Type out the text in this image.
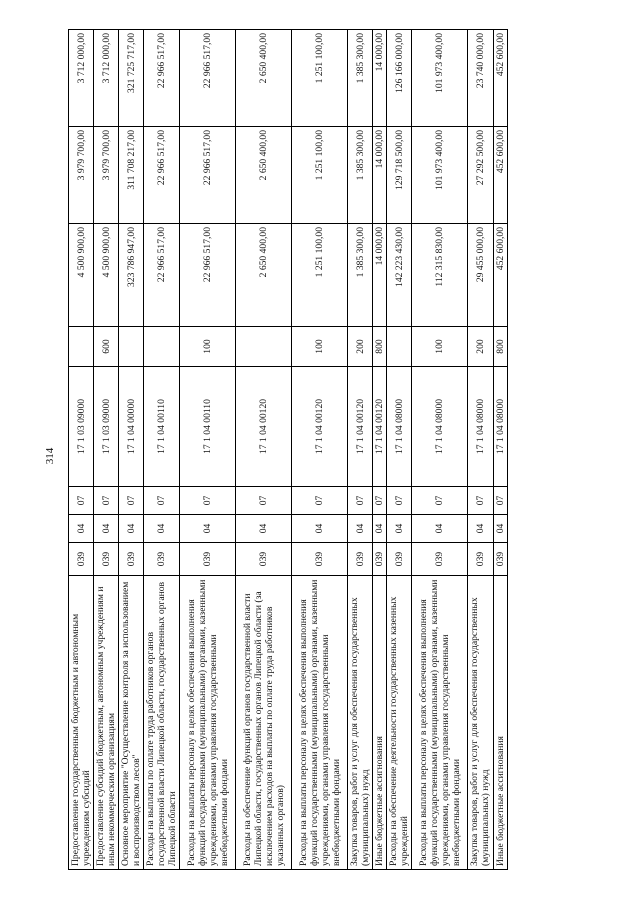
314
Предоставление государственным бюджетным и автономным учреждениям субсидий	039	04	07	17 1 03 09000		4 500 900,00	3 979 700,00	3 712 000,00
Предоставление субсидий бюджетным, автономным учреждениям и иным некоммерческим организациям	039	04	07	17 1 03 09000	600	4 500 900,00	3 979 700,00	3 712 000,00
Основное мероприятие "Осуществление контроля за использованием и воспроизводством лесов"	039	04	07	17 1 04 00000		323 786 947,00	311 708 217,00	321 725 717,00
Расходы на выплаты по оплате труда работников органов государственной власти Липецкой области, государственных органов Липецкой области	039	04	07	17 1 04 00110		22 966 517,00	22 966 517,00	22 966 517,00
Расходы на выплаты персоналу в целях обеспечения выполнения функций государственными (муниципальными) органами, казенными учреждениями, органами управления государственными внебюджетными фондами	039	04	07	17 1 04 00110	100	22 966 517,00	22 966 517,00	22 966 517,00
Расходы на обеспечение функций органов государственной власти Липецкой области, государственных органов Липецкой области (за исключением расходов на выплаты по оплате труда работников указанных органов)	039	04	07	17 1 04 00120		2 650 400,00	2 650 400,00	2 650 400,00
Расходы на выплаты персоналу в целях обеспечения выполнения функций государственными (муниципальными) органами, казенными учреждениями, органами управления государственными внебюджетными фондами	039	04	07	17 1 04 00120	100	1 251 100,00	1 251 100,00	1 251 100,00
Закупка товаров, работ и услуг для обеспечения государственных (муниципальных) нужд	039	04	07	17 1 04 00120	200	1 385 300,00	1 385 300,00	1 385 300,00
Иные бюджетные ассигнования	039	04	07	17 1 04 00120	800	14 000,00	14 000,00	14 000,00
Расходы на обеспечение деятельности государственных казенных учреждений	039	04	07	17 1 04 08000		142 223 430,00	129 718 500,00	126 166 000,00
Расходы на выплаты персоналу в целях обеспечения выполнения функций государственными (муниципальными) органами, казенными учреждениями, органами управления государственными внебюджетными фондами	039	04	07	17 1 04 08000	100	112 315 830,00	101 973 400,00	101 973 400,00
Закупка товаров, работ и услуг для обеспечения государственных (муниципальных) нужд	039	04	07	17 1 04 08000	200	29 455 000,00	27 292 500,00	23 740 000,00
Иные бюджетные ассигнования	039	04	07	17 1 04 08000	800	452 600,00	452 600,00	452 600,00
